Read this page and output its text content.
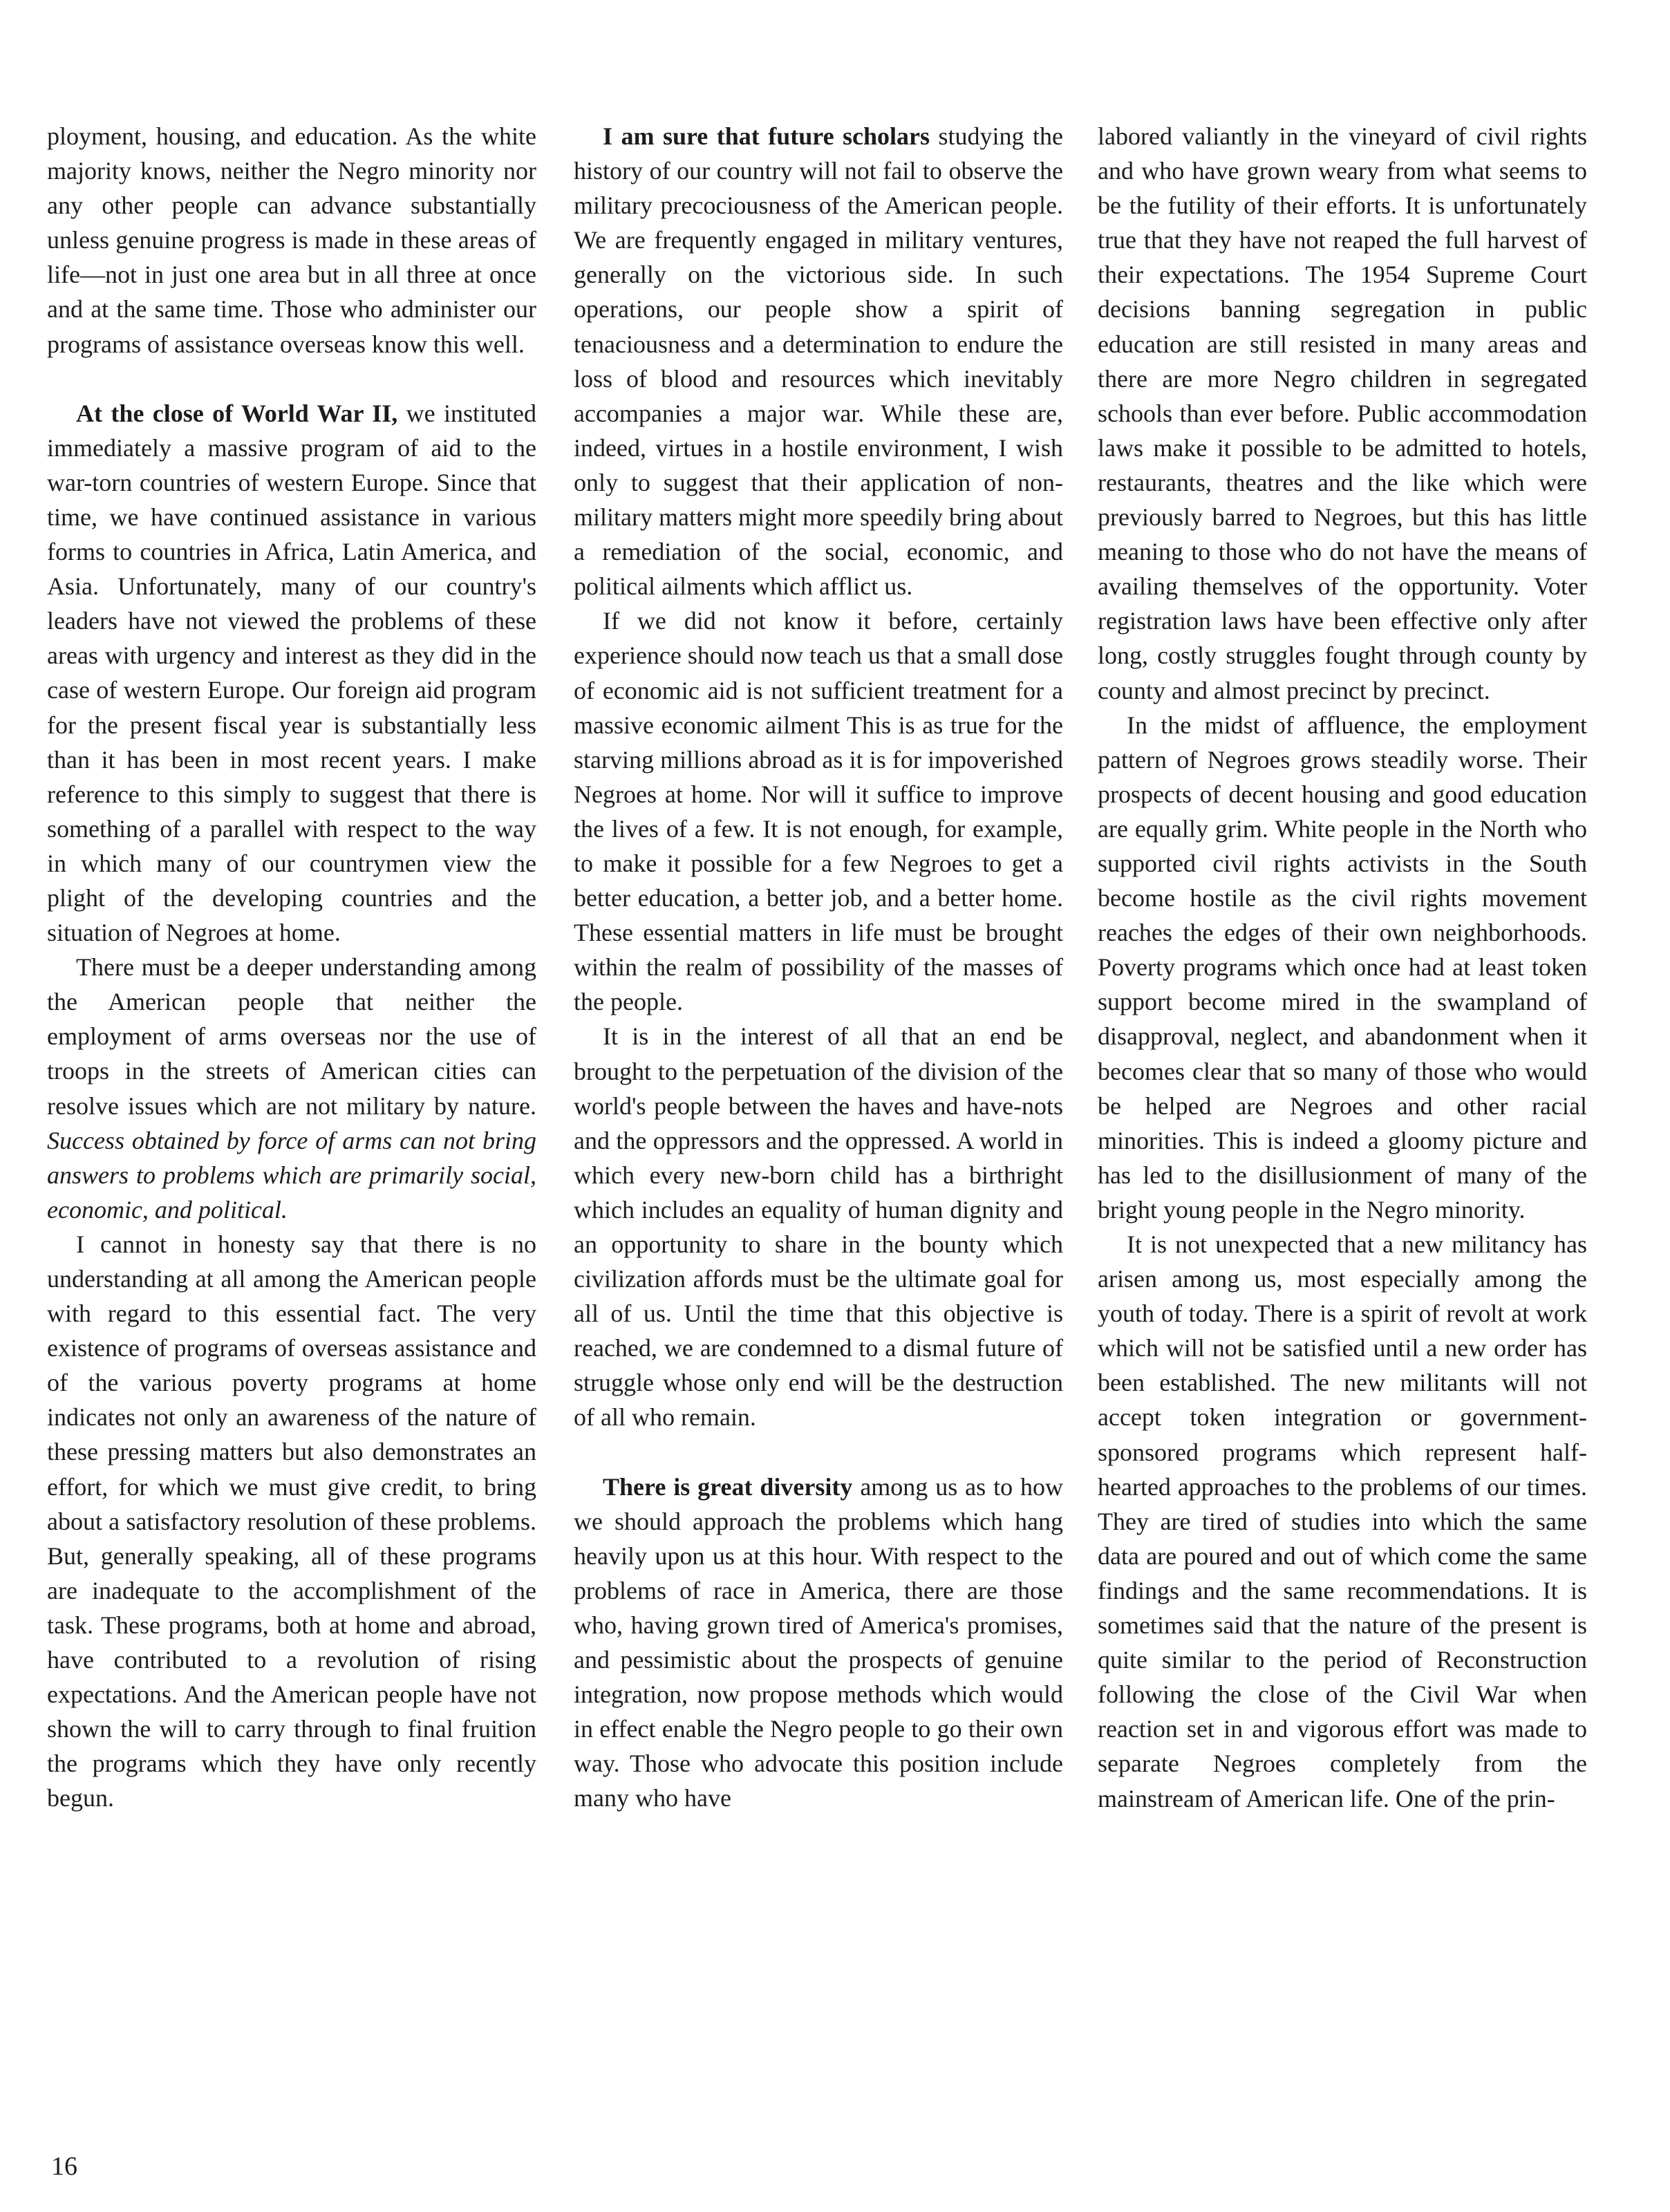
ployment, housing, and education. As the white majority knows, neither the Negro minority nor any other people can advance substantially unless genuine progress is made in these areas of life—not in just one area but in all three at once and at the same time. Those who administer our programs of assistance overseas know this well.

At the close of World War II, we instituted immediately a massive program of aid to the war-torn countries of western Europe. Since that time, we have continued assistance in various forms to countries in Africa, Latin America, and Asia. Unfortunately, many of our country's leaders have not viewed the problems of these areas with urgency and interest as they did in the case of western Europe. Our foreign aid program for the present fiscal year is substantially less than it has been in most recent years. I make reference to this simply to suggest that there is something of a parallel with respect to the way in which many of our countrymen view the plight of the developing countries and the situation of Negroes at home.

There must be a deeper understanding among the American people that neither the employment of arms overseas nor the use of troops in the streets of American cities can resolve issues which are not military by nature. Success obtained by force of arms can not bring answers to problems which are primarily social, economic, and political.

I cannot in honesty say that there is no understanding at all among the American people with regard to this essential fact. The very existence of programs of overseas assistance and of the various poverty programs at home indicates not only an awareness of the nature of these pressing matters but also demonstrates an effort, for which we must give credit, to bring about a satisfactory resolution of these problems. But, generally speaking, all of these programs are inadequate to the accomplishment of the task. These programs, both at home and abroad, have contributed to a revolution of rising expectations. And the American people have not shown the will to carry through to final fruition the programs which they have only recently begun.

I am sure that future scholars studying the history of our country will not fail to observe the military precociousness of the American people. We are frequently engaged in military ventures, generally on the victorious side. In such operations, our people show a spirit of tenaciousness and a determination to endure the loss of blood and resources which inevitably accompanies a major war. While these are, indeed, virtues in a hostile environment, I wish only to suggest that their application of non-military matters might more speedily bring about a remediation of the social, economic, and political ailments which afflict us.

If we did not know it before, certainly experience should now teach us that a small dose of economic aid is not sufficient treatment for a massive economic ailment This is as true for the starving millions abroad as it is for impoverished Negroes at home. Nor will it suffice to improve the lives of a few. It is not enough, for example, to make it possible for a few Negroes to get a better education, a better job, and a better home. These essential matters in life must be brought within the realm of possibility of the masses of the people.

It is in the interest of all that an end be brought to the perpetuation of the division of the world's people between the haves and have-nots and the oppressors and the oppressed. A world in which every new-born child has a birthright which includes an equality of human dignity and an opportunity to share in the bounty which civilization affords must be the ultimate goal for all of us. Until the time that this objective is reached, we are condemned to a dismal future of struggle whose only end will be the destruction of all who remain.

There is great diversity among us as to how we should approach the problems which hang heavily upon us at this hour. With respect to the problems of race in America, there are those who, having grown tired of America's promises, and pessimistic about the prospects of genuine integration, now propose methods which would in effect enable the Negro people to go their own way. Those who advocate this position include many who have

labored valiantly in the vineyard of civil rights and who have grown weary from what seems to be the futility of their efforts. It is unfortunately true that they have not reaped the full harvest of their expectations. The 1954 Supreme Court decisions banning segregation in public education are still resisted in many areas and there are more Negro children in segregated schools than ever before. Public accommodation laws make it possible to be admitted to hotels, restaurants, theatres and the like which were previously barred to Negroes, but this has little meaning to those who do not have the means of availing themselves of the opportunity. Voter registration laws have been effective only after long, costly struggles fought through county by county and almost precinct by precinct.

In the midst of affluence, the employment pattern of Negroes grows steadily worse. Their prospects of decent housing and good education are equally grim. White people in the North who supported civil rights activists in the South become hostile as the civil rights movement reaches the edges of their own neighborhoods. Poverty programs which once had at least token support become mired in the swampland of disapproval, neglect, and abandonment when it becomes clear that so many of those who would be helped are Negroes and other racial minorities. This is indeed a gloomy picture and has led to the disillusionment of many of the bright young people in the Negro minority.

It is not unexpected that a new militancy has arisen among us, most especially among the youth of today. There is a spirit of revolt at work which will not be satisfied until a new order has been established. The new militants will not accept token integration or government-sponsored programs which represent half-hearted approaches to the problems of our times. They are tired of studies into which the same data are poured and out of which come the same findings and the same recommendations. It is sometimes said that the nature of the present is quite similar to the period of Reconstruction following the close of the Civil War when reaction set in and vigorous effort was made to separate Negroes completely from the mainstream of American life. One of the prin-

16
